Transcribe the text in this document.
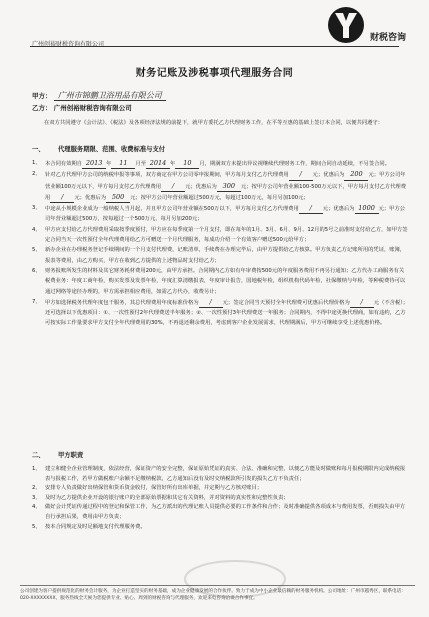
广州创裕财税咨询有限公司
财税咨询
财务记账及涉税事项代理服务合同
甲方： 广州市锦鹏卫浴用品有限公司
乙方： 广州创裕财税咨询有限公司
在双方共同遵守《会计法》、《税法》及各项经济法规的前提下，就甲方委托乙方代理财务工作，在平等互惠的基础上签订本合同，以便共同遵守：
一、 代理服务期限、范围、收费标准与支付
1、 本合同有效期自 2013 年 11 月至 2014 年 10 月，期满双方未提出异议视继续代理财务工作，期间合同自动延续，不另签合同。
2、 针对乙方代理甲方公司的纳税申报等事项，双方商定在甲方公司零申报期间，甲方每月支付乙方代理费用 / 元；优惠后为 200 元；甲方公司年营业额100万元以下，甲方每月支付乙方代理费用 / 元；优惠后为 300 元；按甲方公司年营业额100-500万元以下，甲方每月支付乙方代理费用 / 元；优惠后为 500 元；按甲方公司年营业额超过500万元，每超过100万元，每月另加100元；
3、 中途从小规模企业成为一般纳税人当月起，并且甲方公司年营业额在500万以下，甲方每月支付乙方代理费用 / 元；优惠后为 1000 元；甲方公司年营业额超过500万，按每超过一个500万元，每月另加200元；
4、 甲方应支付给乙方代理费用采取按季度预付，甲方应在每季度第一个月支付，即在每年的1月、3月、6月、9月、12月的5号之前准时支付给乙方，如甲方签定合同当天一次性预付全年代理费用给乙方可赠送一个月代理服务，每成功介绍一个有效客户赠送500元给甲方；
5、 新办企业在办理税务登记手续期间的一个月支付代理费，记账清单，手续费在办理完毕后，由甲方提供给乙方核算。甲方负责乙方记账所用的凭证，账簿，报表等费用，由乙方购买，甲方在收到乙方提供的上述物品时支付给乙方；
6、 财务报账所发生的材料及其它财务耗材费用200元，由甲方承担。合同期内乙方如有年审费按500元的年度服务费用不再另行通知；乙方代办工商服务有关税费业务：年度工商年检，购买发票及发票年检，年度汇算清缴报表，年度审计报告，国地税年检，组织机构代码年检，社保缴纳与年检，等种税费待可以通过网络等途径办理的，甲方需承担相应费用，如需乙方代办，收费另计；
7、 甲方如选择税务代理年度包干服务，其总代理费用年度标准价格为 / 元；签定合同当天预付全年代理费可优惠后代理价格为 / 元（不含税）；还可选择以下优惠项目：①、一次性预付2年代理费送半年服务；②、一次性预付3年代理费送一年服务；合同期内，不得中途更换代理商，如有违约，乙方可按实际工作量要求甲方支付全年代理费用的30%，不再退还剩余费用，考虑到客户企业发展需求，代理期满后，甲方可继续享受上述优惠价格。
二、 甲方职责
1、 建立和健全企业管理制度，依法经营，保证资产的安全完整，保证原始凭证的真实、合法、准确和完整，以便乙方能及时做账和每月报税期限内完成纳税报表与报税工作，若甲方做税账户余额不足缴纳税款，乙方通知后没有及时交纳税款所引发的损失乙方不负责任；
2、 安排专人负责做好出纳保管和货币资金收付，保管好所有出库单据，并定期与乙方核对账目；
3、 及时为乙方提供企业开设的银行账户的全部原始票据和其它有关资料，并对资料的真实性和完整性负责；
4、 做好会计凭证传递过程中的登记和保管工作，为乙方派出的代理记账人员提供必要的工作条件和合作；及时准确提供各项成本与费用发票，否则损失由甲方自行承担后果，费用由甲方负责；
5、 按本合同规定及时足额地支付代理服务费。
公司创建为客户提供规范化的财务会计服务，为企业打造坚实的财务基础，成为企业健康发展的合作伙伴。致力于成为中小企业最信赖的财务服务机构。公司地址：广州市越秀区，联系电话：020-XXXXXXXX，服务热线全天候为您提供专业、贴心、周到的财税咨询与代理服务，欢迎来电咨询洽谈合作事宜。
